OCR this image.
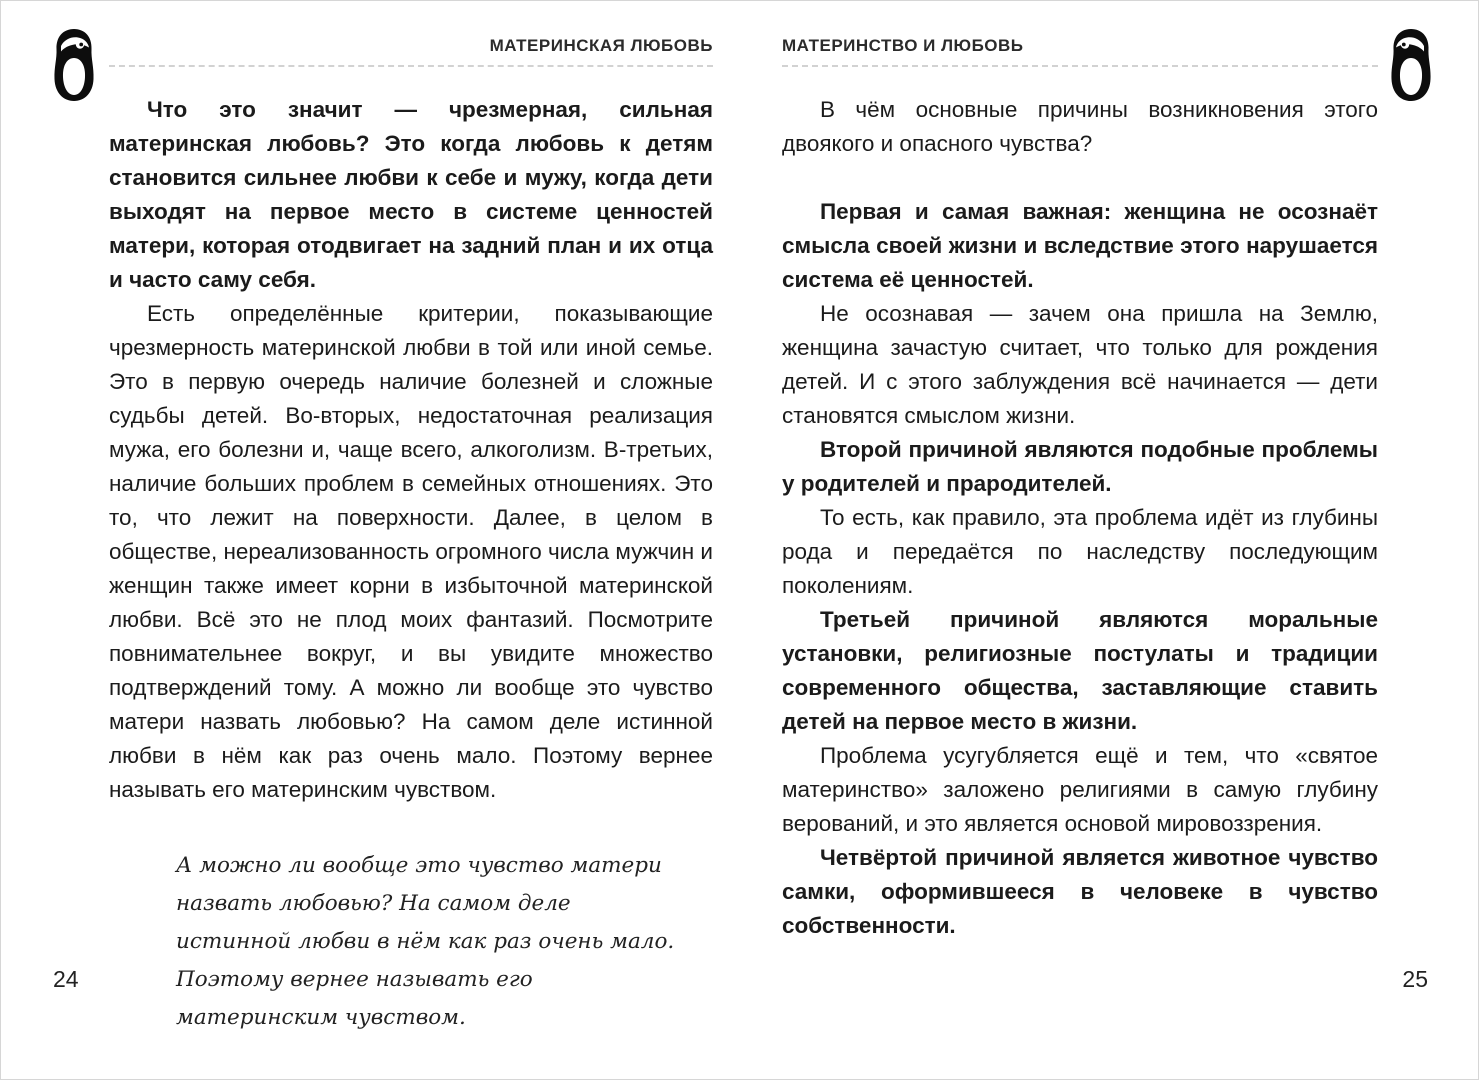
МАТЕРИНСКАЯ ЛЮБОВЬ

Что это значит — чрезмерная, сильная материнская любовь? Это когда любовь к детям становится сильнее любви к себе и мужу, когда дети выходят на первое место в системе ценностей матери, которая отодвигает на задний план и их отца и часто саму себя.

Есть определённые критерии, показывающие чрезмерность материнской любви в той или иной семье. Это в первую очередь наличие болезней и сложные судьбы детей. Во-вторых, недостаточная реализация мужа, его болезни и, чаще всего, алкоголизм. В-третьих, наличие больших проблем в семейных отношениях. Это то, что лежит на поверхности. Далее, в целом в обществе, нереализованность огромного числа мужчин и женщин также имеет корни в избыточной материнской любви. Всё это не плод моих фантазий. Посмотрите повнимательнее вокруг, и вы увидите множество подтверждений тому. А можно ли вообще это чувство матери назвать любовью? На самом деле истинной любви в нём как раз очень мало. Поэтому вернее называть его материнским чувством.

А можно ли вообще это чувство матери назвать любовью? На самом деле истинной любви в нём как раз очень мало. Поэтому вернее называть его материнским чувством.
МАТЕРИНСТВО И ЛЮБОВЬ

В чём основные причины возникновения этого двоякого и опасного чувства?

Первая и самая важная: женщина не осознаёт смысла своей жизни и вследствие этого нарушается система её ценностей.

Не осознавая — зачем она пришла на Землю, женщина зачастую считает, что только для рождения детей. И с этого заблуждения всё начинается — дети становятся смыслом жизни.

Второй причиной являются подобные проблемы у родителей и прародителей.

То есть, как правило, эта проблема идёт из глубины рода и передаётся по наследству последующим поколениям.

Третьей причиной являются моральные установки, религиозные постулаты и традиции современного общества, заставляющие ставить детей на первое место в жизни.

Проблема усугубляется ещё и тем, что «святое материнство» заложено религиями в самую глубину верований, и это является основой мировоззрения.

Четвёртой причиной является животное чувство самки, оформившееся в человеке в чувство собственности.

24	25
